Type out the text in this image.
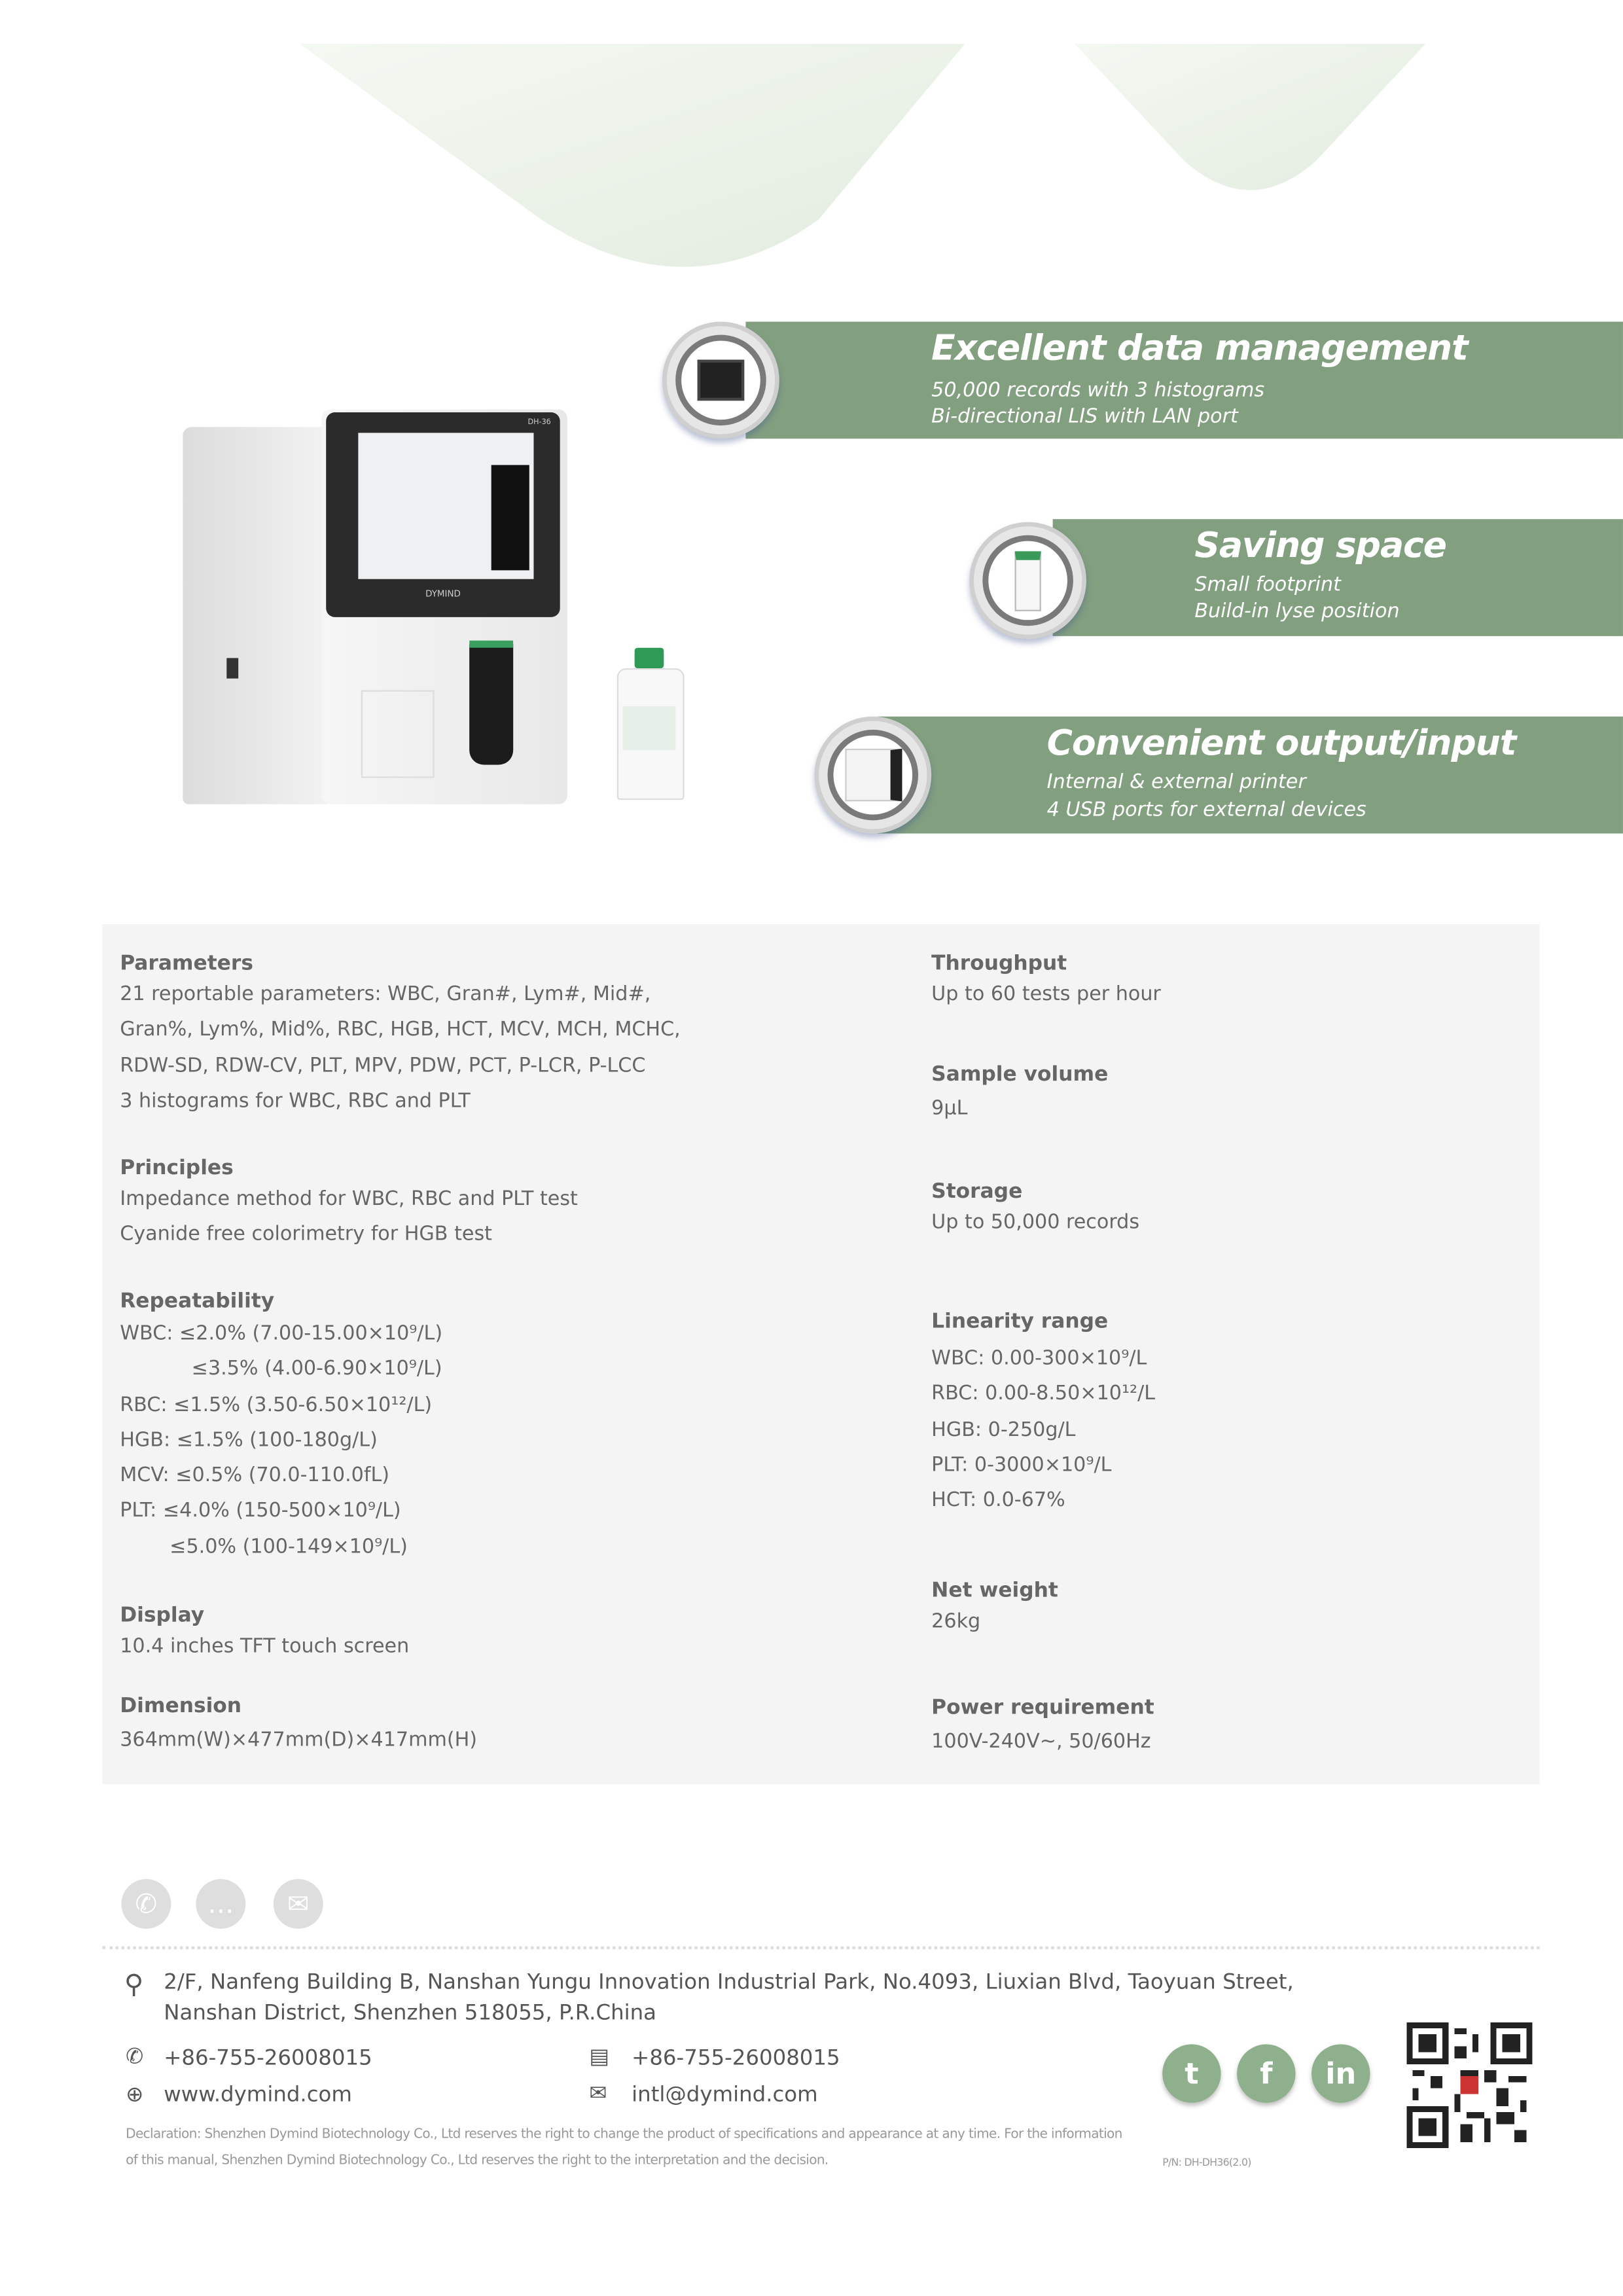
Excellent data management
50,000 records with 3 histograms
Bi-directional LIS with LAN port
Saving space
Small footprint
Build-in lyse position
Convenient output/input
Internal & external printer
4 USB ports for external devices
DYMIND
DH-36
Parameters
21 reportable parameters: WBC, Gran#, Lym#, Mid#,
Gran%, Lym%, Mid%, RBC, HGB, HCT, MCV, MCH, MCHC,
RDW-SD, RDW-CV, PLT, MPV, PDW, PCT, P-LCR, P-LCC
3 histograms for WBC, RBC and PLT
Principles
Impedance method for WBC, RBC and PLT test
Cyanide free colorimetry for HGB test
Repeatability
WBC: ≤2.0% (7.00-15.00×10⁹/L)
≤3.5% (4.00-6.90×10⁹/L)
RBC: ≤1.5% (3.50-6.50×10¹²/L)
HGB: ≤1.5% (100-180g/L)
MCV: ≤0.5% (70.0-110.0fL)
PLT: ≤4.0% (150-500×10⁹/L)
≤5.0% (100-149×10⁹/L)
Display
10.4 inches TFT touch screen
Dimension
364mm(W)×477mm(D)×417mm(H)
Throughput
Up to 60 tests per hour
Sample volume
9μL
Storage
Up to 50,000 records
Linearity range
WBC: 0.00-300×10⁹/L
RBC: 0.00-8.50×10¹²/L
HGB: 0-250g/L
PLT: 0-3000×10⁹/L
HCT: 0.0-67%
Net weight
26kg
Power requirement
100V-240V~, 50/60Hz
✆	…	✉
⚲ 2/F, Nanfeng Building B, Nanshan Yungu Innovation Industrial Park, No.4093, Liuxian Blvd, Taoyuan Street,
Nanshan District, Shenzhen 518055, P.R.China
✆ +86-755-26008015
⊕ www.dymind.com
▤ +86-755-26008015
✉	intl@dymind.com
t	f	in
Declaration: Shenzhen Dymind Biotechnology Co., Ltd reserves the right to change the product of specifications and appearance at any time. For the information
of this manual, Shenzhen Dymind Biotechnology Co., Ltd reserves the right to the interpretation and the decision.	P/N: DH-DH36(2.0)
